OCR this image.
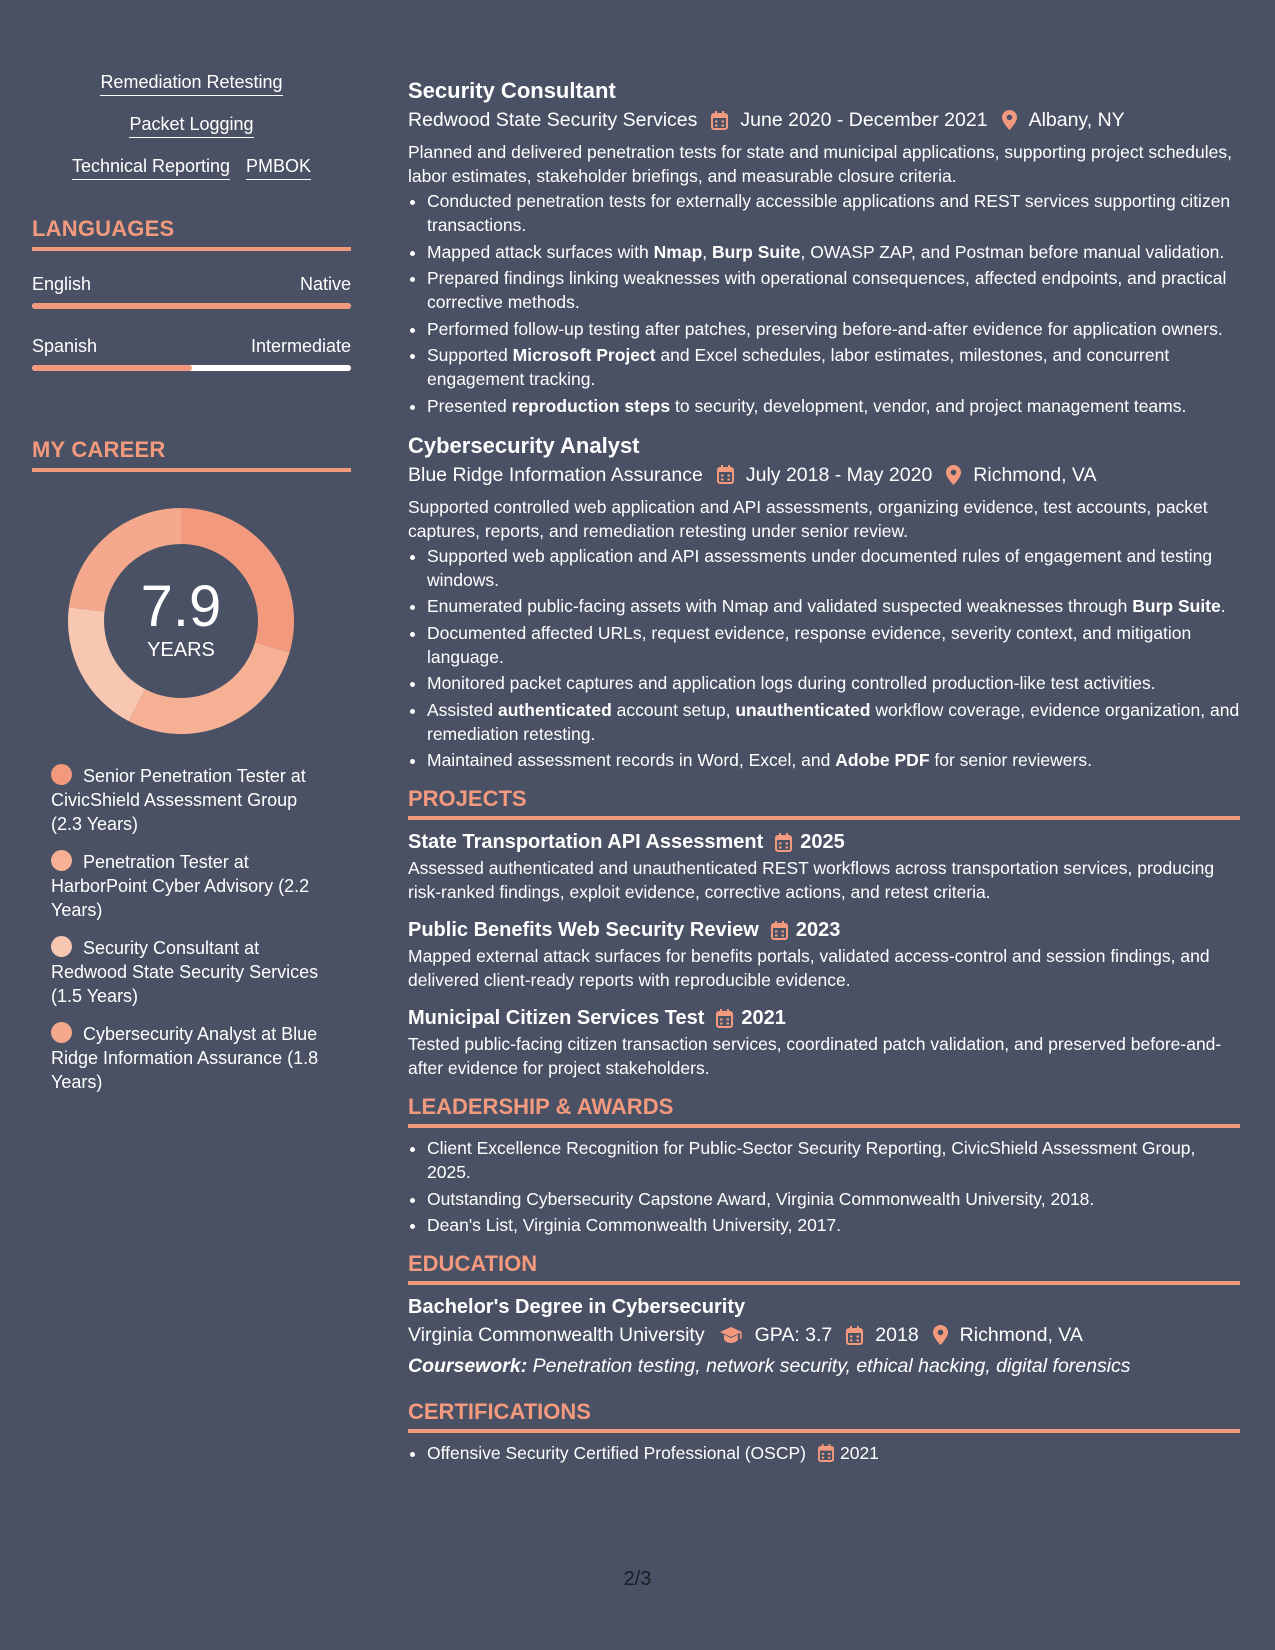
Remediation Retesting
Packet Logging
Technical Reporting PMBOK
LANGUAGES
English	Native
Spanish	Intermediate
MY CAREER
7.9
YEARS
Senior Penetration Tester at CivicShield Assessment Group (2.3 Years)
Penetration Tester at HarborPoint Cyber Advisory (2.2 Years)
Security Consultant at Redwood State Security Services (1.5 Years)
Cybersecurity Analyst at Blue Ridge Information Assurance (1.8 Years)
Security Consultant
Redwood State Security Services June 2020 - December 2021 Albany, NY
Planned and delivered penetration tests for state and municipal applications, supporting project schedules, labor estimates, stakeholder briefings, and measurable closure criteria.
• Conducted penetration tests for externally accessible applications and REST services supporting citizen transactions.
• Mapped attack surfaces with Nmap, Burp Suite, OWASP ZAP, and Postman before manual validation.
• Prepared findings linking weaknesses with operational consequences, affected endpoints, and practical corrective methods.
• Performed follow-up testing after patches, preserving before-and-after evidence for application owners.
• Supported Microsoft Project and Excel schedules, labor estimates, milestones, and concurrent engagement tracking.
• Presented reproduction steps to security, development, vendor, and project management teams.
Cybersecurity Analyst
Blue Ridge Information Assurance July 2018 - May 2020 Richmond, VA
Supported controlled web application and API assessments, organizing evidence, test accounts, packet captures, reports, and remediation retesting under senior review.
• Supported web application and API assessments under documented rules of engagement and testing windows.
• Enumerated public-facing assets with Nmap and validated suspected weaknesses through Burp Suite.
• Documented affected URLs, request evidence, response evidence, severity context, and mitigation language.
• Monitored packet captures and application logs during controlled production-like test activities.
• Assisted authenticated account setup, unauthenticated workflow coverage, evidence organization, and remediation retesting.
• Maintained assessment records in Word, Excel, and Adobe PDF for senior reviewers.
PROJECTS
State Transportation API Assessment 2025
Assessed authenticated and unauthenticated REST workflows across transportation services, producing risk-ranked findings, exploit evidence, corrective actions, and retest criteria.
Public Benefits Web Security Review 2023
Mapped external attack surfaces for benefits portals, validated access-control and session findings, and delivered client-ready reports with reproducible evidence.
Municipal Citizen Services Test 2021
Tested public-facing citizen transaction services, coordinated patch validation, and preserved before-and-after evidence for project stakeholders.
LEADERSHIP & AWARDS
• Client Excellence Recognition for Public-Sector Security Reporting, CivicShield Assessment Group, 2025.
• Outstanding Cybersecurity Capstone Award, Virginia Commonwealth University, 2018.
• Dean's List, Virginia Commonwealth University, 2017.
EDUCATION
Bachelor's Degree in Cybersecurity
Virginia Commonwealth University	GPA: 3.7 2018 Richmond, VA
Coursework: Penetration testing, network security, ethical hacking, digital forensics
CERTIFICATIONS
• Offensive Security Certified Professional (OSCP) 2021
2/3
